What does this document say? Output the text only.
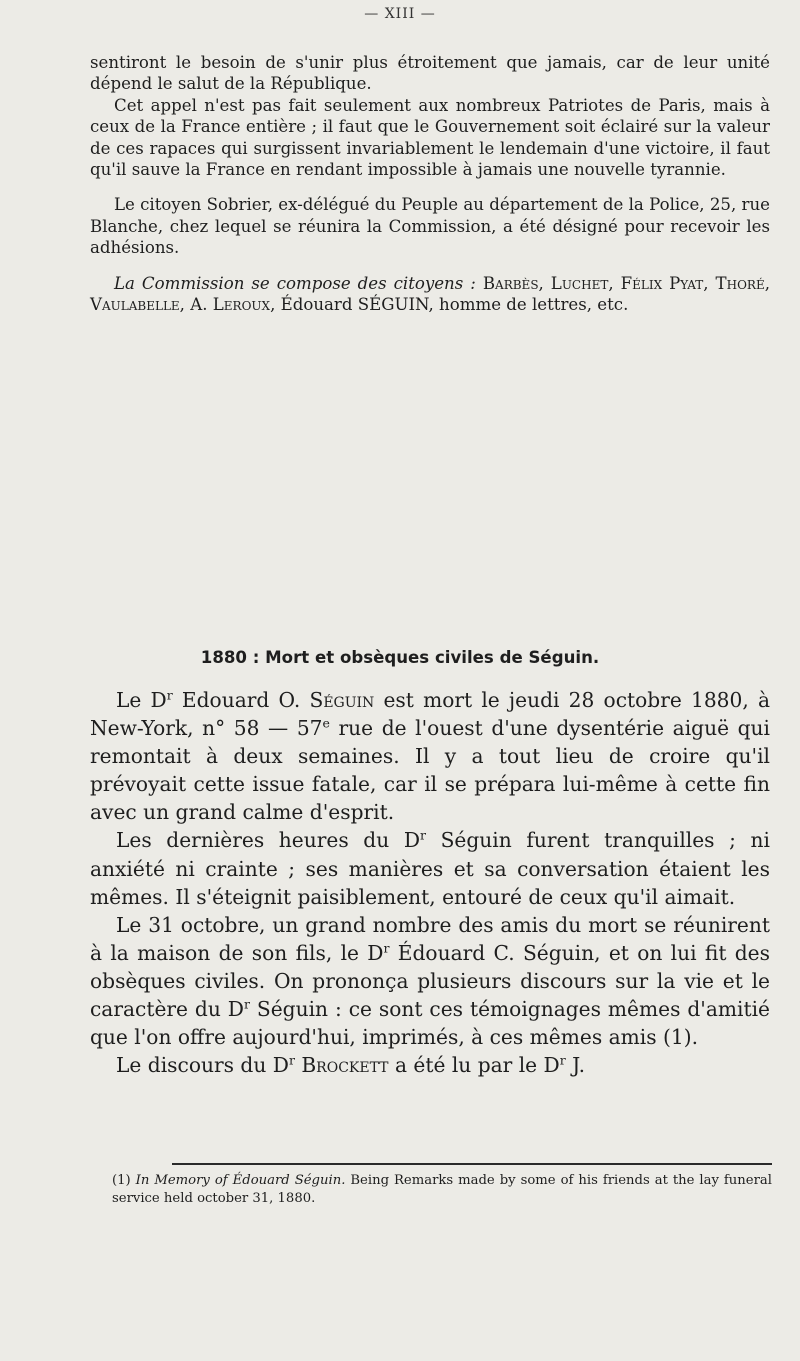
— XIII —

sentiront le besoin de s'unir plus étroitement que jamais, car de leur unité dépend le salut de la République.

Cet appel n'est pas fait seulement aux nombreux Patriotes de Paris, mais à ceux de la France entière ; il faut que le Gouvernement soit éclairé sur la valeur de ces rapaces qui surgissent invariablement le lendemain d'une victoire, il faut qu'il sauve la France en rendant impossible à jamais une nouvelle tyrannie.

Le citoyen Sobrier, ex-délégué du Peuple au département de la Police, 25, rue Blanche, chez lequel se réunira la Commission, a été désigné pour recevoir les adhésions.

La Commission se compose des citoyens : Barbès, Luchet, Félix Pyat, Thoré, Vaulabelle, A. Leroux, Édouard SÉGUIN, homme de lettres, etc.

1880 : Mort et obsèques civiles de Séguin.

Le $D^r$ Edouard O. Séguin est mort le jeudi 28 octobre 1880, à New-York, n° 58 — 57e rue de l'ouest d'une dysentérie aiguë qui remontait à deux semaines. Il y a tout lieu de croire qu'il prévoyait cette issue fatale, car il se prépara lui-même à cette fin avec un grand calme d'esprit.

Les dernières heures du $D^r$ Séguin furent tranquilles ; ni anxiété ni crainte ; ses manières et sa conversation étaient les mêmes. Il s'éteignit paisiblement, entouré de ceux qu'il aimait.

Le 31 octobre, un grand nombre des amis du mort se réunirent à la maison de son fils, le $D^r$ Édouard C. Séguin, et on lui fit des obsèques civiles. On prononça plusieurs discours sur la vie et le caractère du $D^r$ Séguin : ce sont ces témoignages mêmes d'amitié que l'on offre aujourd'hui, imprimés, à ces mêmes amis (1).

Le discours du $D^r$ Brockett a été lu par le $D^r$ J.

(1) In Memory of Édouard Séguin. Being Remarks made by some of his friends at the lay funeral service held october 31, 1880.
